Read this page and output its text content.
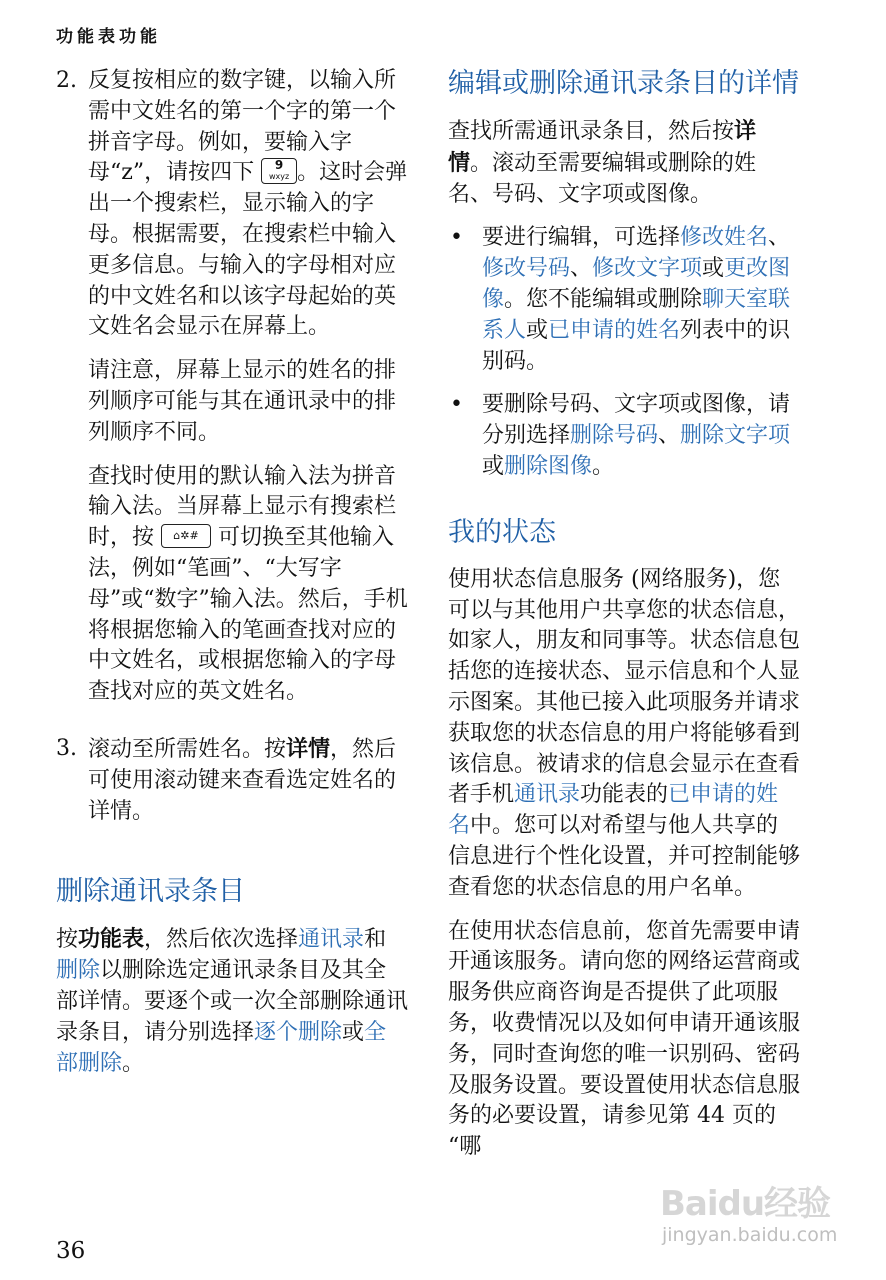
功能表功能
2. 反复按相应的数字键，以输入所需中文姓名的第一个字的第一个拼音字母。例如，要输入字母“z”，请按四下	9
wxyz 。这时会弹出一个搜索栏，显示输入的字母。根据需要，在搜索栏中输入更多信息。与输入的字母相对应的中文姓名和以该字母起始的英文姓名会显示在屏幕上。
请注意，屏幕上显示的姓名的排列顺序可能与其在通讯录中的排列顺序不同。
查找时使用的默认输入法为拼音输入法。当屏幕上显示有搜索栏时，按 ⌂✲# 可切换至其他输入法，例如“笔画”、“大写字母”或“数字”输入法。然后，手机将根据您输入的笔画查找对应的中文姓名，或根据您输入的字母查找对应的英文姓名。
3. 滚动至所需姓名。按详情，然后可使用滚动键来查看选定姓名的详情。
删除通讯录条目
按功能表，然后依次选择通讯录和删除以删除选定通讯录条目及其全部详情。要逐个或一次全部删除通讯录条目，请分别选择逐个删除或全部删除。
编辑或删除通讯录条目的详情
查找所需通讯录条目，然后按详情。滚动至需要编辑或删除的姓名、号码、文字项或图像。
• 要进行编辑，可选择修改姓名、修改号码、修改文字项或更改图像。您不能编辑或删除聊天室联系人或已申请的姓名列表中的识别码。
• 要删除号码、文字项或图像，请分别选择删除号码、删除文字项或删除图像。
我的状态
使用状态信息服务 (网络服务)，您可以与其他用户共享您的状态信息，如家人，朋友和同事等。状态信息包括您的连接状态、显示信息和个人显示图案。其他已接入此项服务并请求获取您的状态信息的用户将能够看到该信息。被请求的信息会显示在查看者手机通讯录功能表的已申请的姓名中。您可以对希望与他人共享的信息进行个性化设置，并可控制能够查看您的状态信息的用户名单。
在使用状态信息前，您首先需要申请开通该服务。请向您的网络运营商或服务供应商咨询是否提供了此项服务，收费情况以及如何申请开通该服务，同时查询您的唯一识别码、密码及服务设置。要设置使用状态信息服务的必要设置，请参见第 44 页的 “哪
36
Baidu经验
jingyan.baidu.com
